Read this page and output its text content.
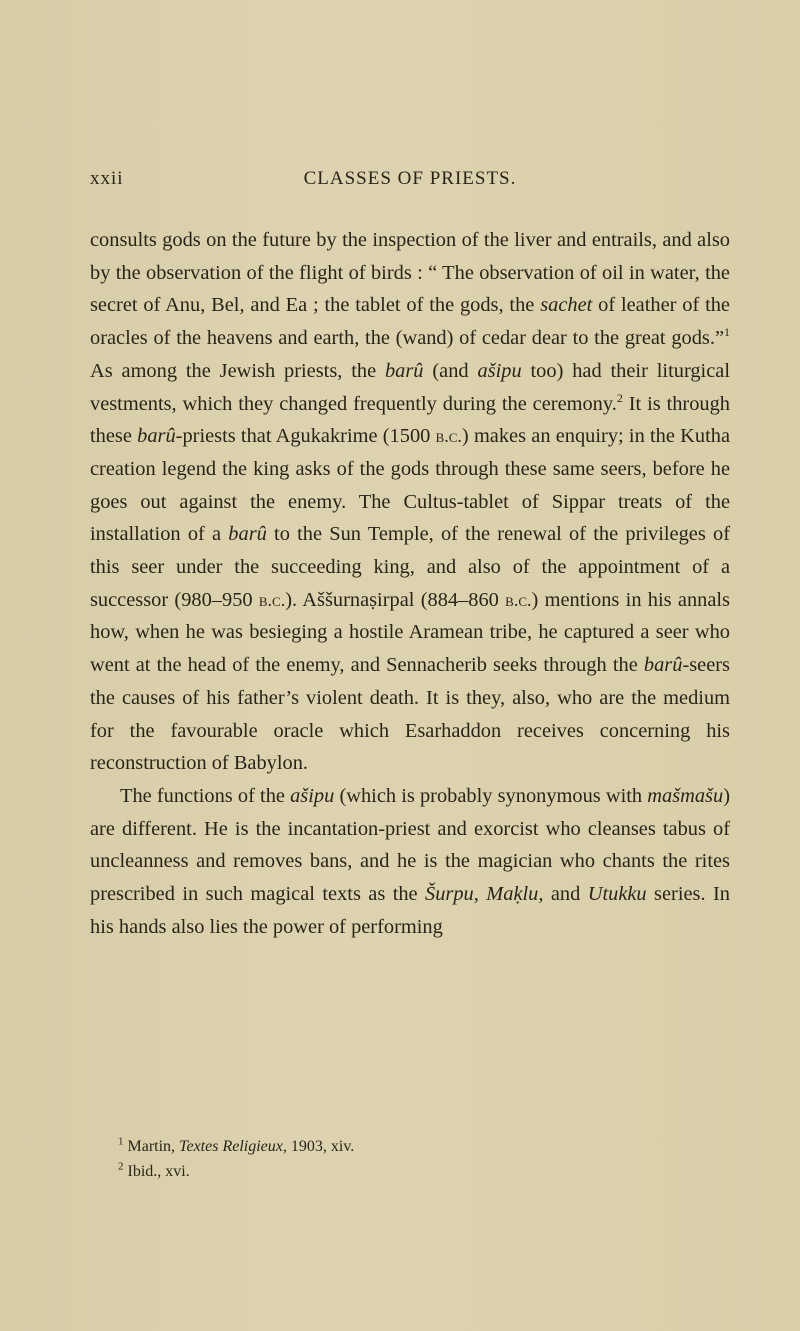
xxii	CLASSES OF PRIESTS.

consults gods on the future by the inspection of the liver and entrails, and also by the observation of the flight of birds : “ The observation of oil in water, the secret of Anu, Bel, and Ea ; the tablet of the gods, the sachet of leather of the oracles of the heavens and earth, the (wand) of cedar dear to the great gods.”$^1$ As among the Jewish priests, the barû (and ašipu too) had their liturgical vestments, which they changed frequently during the ceremony.$^2$ It is through these barû-priests that Agukakrime (1500 b.c.) makes an enquiry; in the Kutha creation legend the king asks of the gods through these same seers, before he goes out against the enemy. The Cultus-tablet of Sippar treats of the installation of a barû to the Sun Temple, of the renewal of the privileges of this seer under the succeeding king, and also of the appointment of a successor (980–950 b.c.). Aššurnaṣirpal (884–860 b.c.) mentions in his annals how, when he was besieging a hostile Aramean tribe, he captured a seer who went at the head of the enemy, and Sennacherib seeks through the barû-seers the causes of his father’s violent death. It is they, also, who are the medium for the favourable oracle which Esarhaddon receives concerning his reconstruction of Babylon.

The functions of the ašipu (which is probably synonymous with mašmašu) are different. He is the incantation-priest and exorcist who cleanses tabus of uncleanness and removes bans, and he is the magician who chants the rites prescribed in such magical texts as the Šurpu, Maḳlu, and Utukku series. In his hands also lies the power of performing

$^1$ Martin, Textes Religieux, 1903, xiv.
$^2$ Ibid., xvi.
